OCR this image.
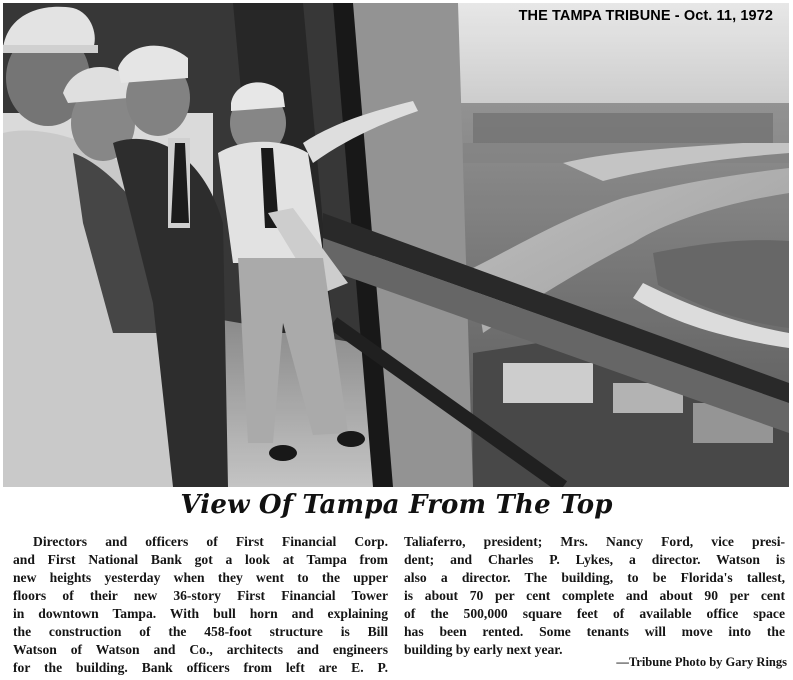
THE TAMPA TRIBUNE - Oct. 11, 1972
View Of Tampa From The Top
Directors and officers of First Financial Corp.
and First National Bank got a look at Tampa from
new heights yesterday when they went to the upper
floors of their new 36-story First Financial Tower
in downtown Tampa. With bull horn and explaining
the construction of the 458-foot structure is Bill
Watson of Watson and Co., architects and engineers
for the building. Bank officers from left are E. P.
Taliaferro, president; Mrs. Nancy Ford, vice presi-
dent; and Charles P. Lykes, a director. Watson is
also a director. The building, to be Florida's tallest,
is about 70 per cent complete and about 90 per cent
of the 500,000 square feet of available office space
has been rented. Some tenants will move into the
building by early next year.
—Tribune Photo by Gary Rings
